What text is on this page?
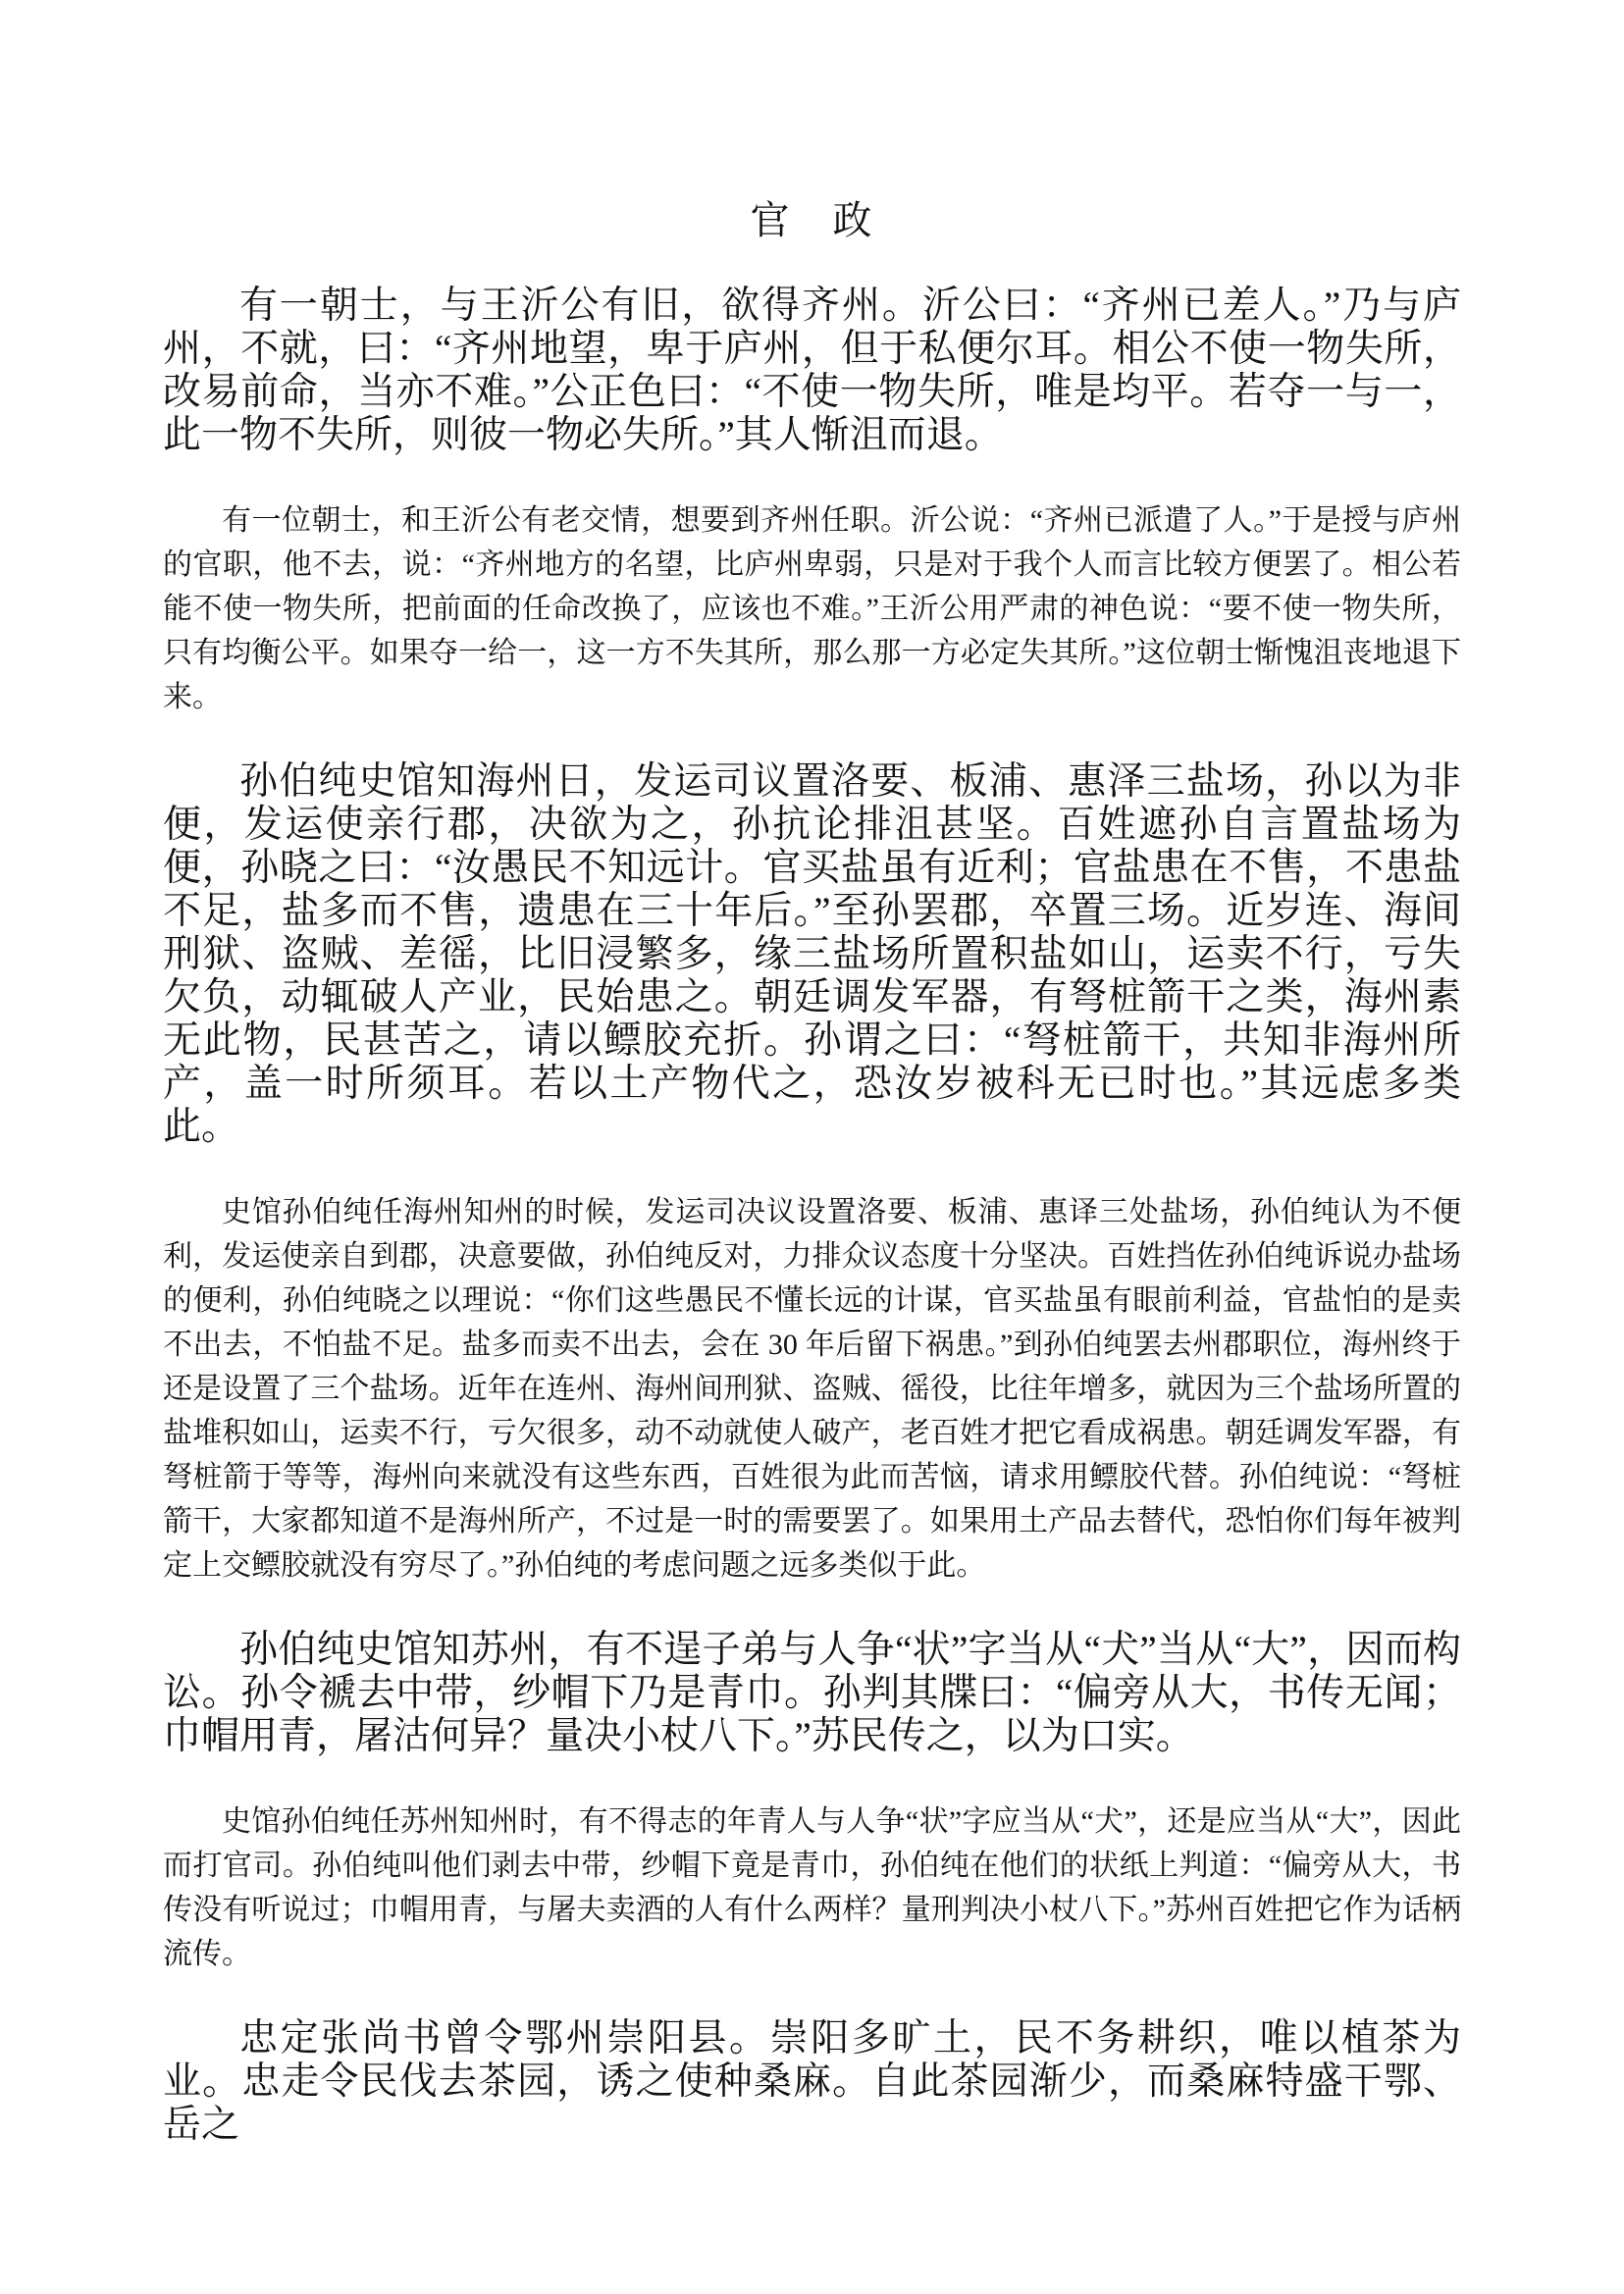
官　政

有一朝士，与王沂公有旧，欲得齐州。沂公曰：“齐州已差人。”乃与庐州，不就，曰：“齐州地望，卑于庐州，但于私便尔耳。相公不使一物失所，改易前命，当亦不难。”公正色曰：“不使一物失所，唯是均平。若夺一与一，此一物不失所，则彼一物必失所。”其人惭沮而退。

有一位朝士，和王沂公有老交情，想要到齐州任职。沂公说：“齐州已派遣了人。”于是授与庐州的官职，他不去，说：“齐州地方的名望，比庐州卑弱，只是对于我个人而言比较方便罢了。相公若能不使一物失所，把前面的任命改换了，应该也不难。”王沂公用严肃的神色说：“要不使一物失所，只有均衡公平。如果夺一给一，这一方不失其所，那么那一方必定失其所。”这位朝士惭愧沮丧地退下来。

孙伯纯史馆知海州日，发运司议置洛要、板浦、惠泽三盐场，孙以为非便，发运使亲行郡，决欲为之，孙抗论排沮甚坚。百姓遮孙自言置盐场为便，孙晓之曰：“汝愚民不知远计。官买盐虽有近利；官盐患在不售，不患盐不足，盐多而不售，遗患在三十年后。”至孙罢郡，卒置三场。近岁连、海间刑狱、盗贼、差徭，比旧浸繁多，缘三盐场所置积盐如山，运卖不行，亏失欠负，动辄破人产业，民始患之。朝廷调发军器，有弩桩箭干之类，海州素无此物，民甚苦之，请以鳔胶充折。孙谓之曰：“弩桩箭干，共知非海州所产，盖一时所须耳。若以土产物代之，恐汝岁被科无已时也。”其远虑多类此。

史馆孙伯纯任海州知州的时候，发运司决议设置洛要、板浦、惠译三处盐场，孙伯纯认为不便利，发运使亲自到郡，决意要做，孙伯纯反对，力排众议态度十分坚决。百姓挡佐孙伯纯诉说办盐场的便利，孙伯纯晓之以理说：“你们这些愚民不懂长远的计谋，官买盐虽有眼前利益，官盐怕的是卖不出去，不怕盐不足。盐多而卖不出去，会在 30 年后留下祸患。”到孙伯纯罢去州郡职位，海州终于还是设置了三个盐场。近年在连州、海州间刑狱、盗贼、徭役，比往年增多，就因为三个盐场所置的盐堆积如山，运卖不行，亏欠很多，动不动就使人破产，老百姓才把它看成祸患。朝廷调发军器，有弩桩箭于等等，海州向来就没有这些东西，百姓很为此而苦恼，请求用鳔胶代替。孙伯纯说：“弩桩箭干，大家都知道不是海州所产，不过是一时的需要罢了。如果用土产品去替代，恐怕你们每年被判定上交鳔胶就没有穷尽了。”孙伯纯的考虑问题之远多类似于此。

孙伯纯史馆知苏州，有不逞子弟与人争“状”字当从“犬”当从“大”，因而构讼。孙令褫去中带，纱帽下乃是青巾。孙判其牒曰：“偏旁从大，书传无闻；巾帽用青，屠沽何异？量决小杖八下。”苏民传之，以为口实。

史馆孙伯纯任苏州知州时，有不得志的年青人与人争“状”字应当从“犬”，还是应当从“大”，因此而打官司。孙伯纯叫他们剥去中带，纱帽下竟是青巾，孙伯纯在他们的状纸上判道：“偏旁从大，书传没有听说过；巾帽用青，与屠夫卖酒的人有什么两样？量刑判决小杖八下。”苏州百姓把它作为话柄流传。

忠定张尚书曾令鄂州崇阳县。崇阳多旷土，民不务耕织，唯以植茶为业。忠走令民伐去茶园，诱之使种桑麻。自此茶园渐少，而桑麻特盛干鄂、岳之
